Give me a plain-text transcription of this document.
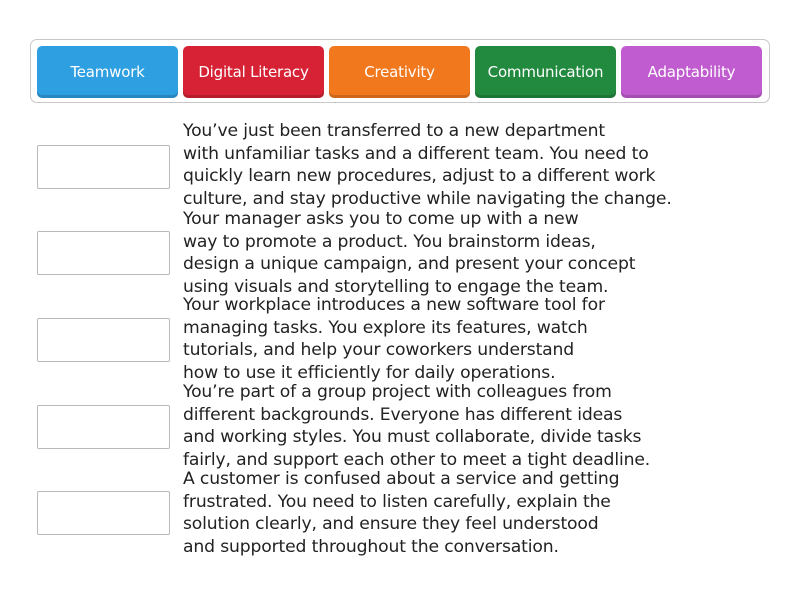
Teamwork	Digital Literacy	Creativity	Communication	Adaptability

You’ve just been transferred to a new department
with unfamiliar tasks and a different team. You need to
quickly learn new procedures, adjust to a different work
culture, and stay productive while navigating the change.

Your manager asks you to come up with a new
way to promote a product. You brainstorm ideas,
design a unique campaign, and present your concept
using visuals and storytelling to engage the team.

Your workplace introduces a new software tool for
managing tasks. You explore its features, watch
tutorials, and help your coworkers understand
how to use it efficiently for daily operations.

You’re part of a group project with colleagues from
different backgrounds. Everyone has different ideas
and working styles. You must collaborate, divide tasks
fairly, and support each other to meet a tight deadline.

A customer is confused about a service and getting
frustrated. You need to listen carefully, explain the
solution clearly, and ensure they feel understood
and supported throughout the conversation.
